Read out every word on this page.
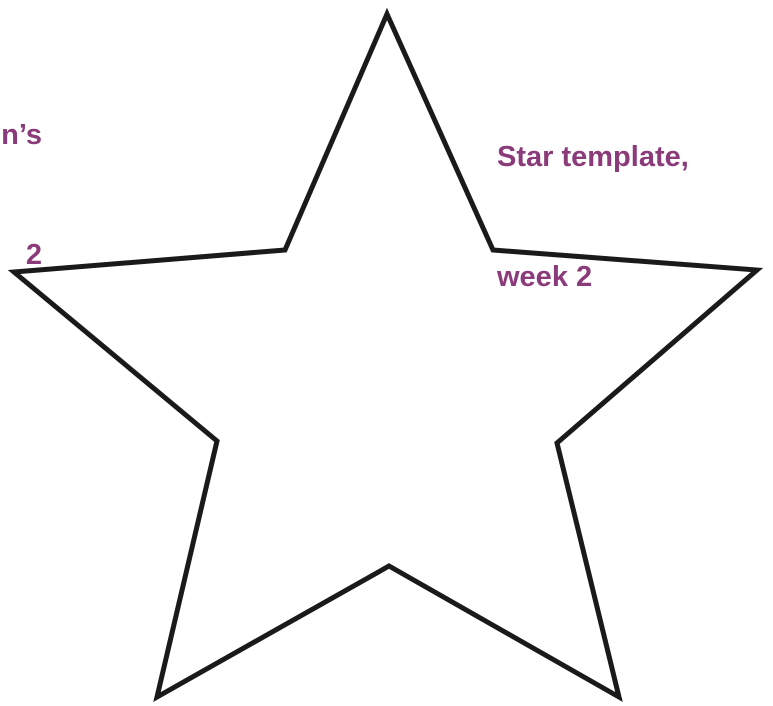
n’s

2

Star template,

week 2
